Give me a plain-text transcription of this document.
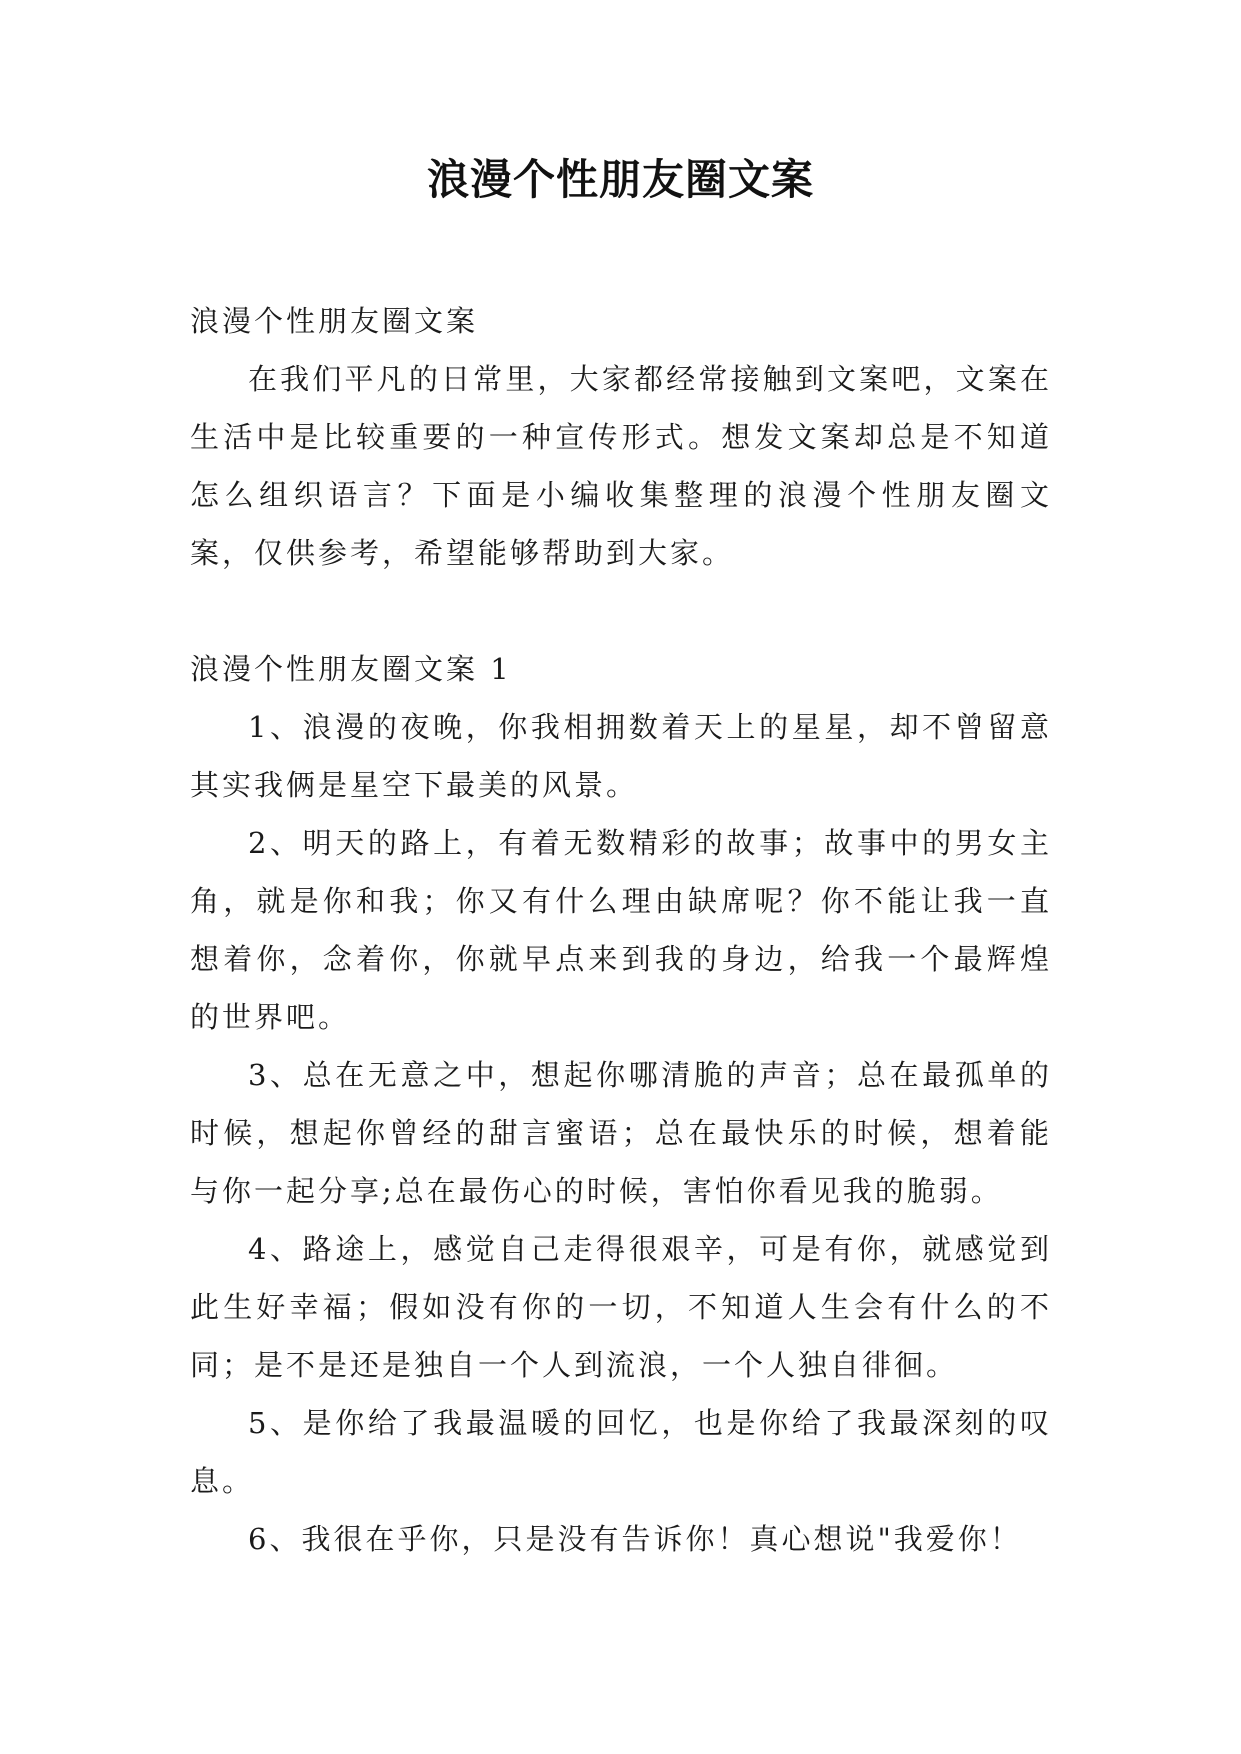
浪漫个性朋友圈文案

浪漫个性朋友圈文案

在我们平凡的日常里，大家都经常接触到文案吧，文案在生活中是比较重要的一种宣传形式。想发文案却总是不知道怎么组织语言？下面是小编收集整理的浪漫个性朋友圈文案，仅供参考，希望能够帮助到大家。

浪漫个性朋友圈文案 1

1、浪漫的夜晚，你我相拥数着天上的星星，却不曾留意其实我俩是星空下最美的风景。

2、明天的路上，有着无数精彩的故事；故事中的男女主角，就是你和我；你又有什么理由缺席呢？你不能让我一直想着你，念着你，你就早点来到我的身边，给我一个最辉煌的世界吧。

3、总在无意之中，想起你哪清脆的声音；总在最孤单的时候，想起你曾经的甜言蜜语；总在最快乐的时候，想着能与你一起分享;总在最伤心的时候，害怕你看见我的脆弱。

4、路途上，感觉自己走得很艰辛，可是有你，就感觉到此生好幸福；假如没有你的一切，不知道人生会有什么的不同；是不是还是独自一个人到流浪，一个人独自徘徊。

5、是你给了我最温暖的回忆，也是你给了我最深刻的叹息。

6、我很在乎你，只是没有告诉你！真心想说"我爱你！
